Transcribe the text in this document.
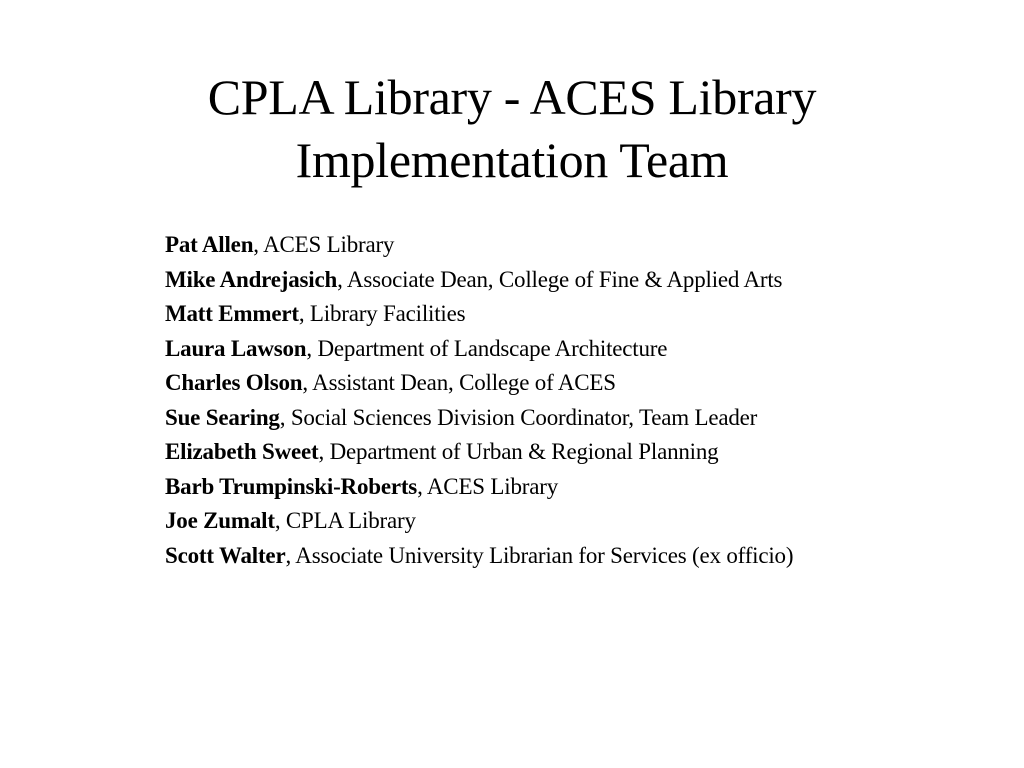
CPLA Library - ACES Library
Implementation Team
Pat Allen, ACES Library
Mike Andrejasich, Associate Dean, College of Fine & Applied Arts
Matt Emmert, Library Facilities
Laura Lawson, Department of Landscape Architecture
Charles Olson, Assistant Dean, College of ACES
Sue Searing, Social Sciences Division Coordinator, Team Leader
Elizabeth Sweet, Department of Urban & Regional Planning
Barb Trumpinski-Roberts, ACES Library
Joe Zumalt, CPLA Library
Scott Walter, Associate University Librarian for Services (ex officio)
